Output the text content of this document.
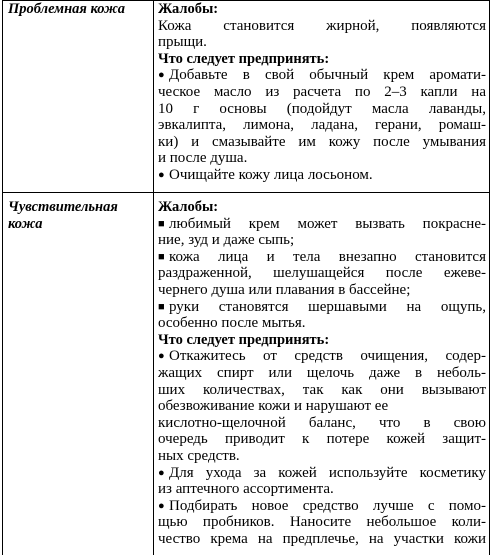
Проблемная кожа	Жалобы:
Кожа становится жирной, появляются
прыщи.
Что следует предпринять:
● Добавьте в свой обычный крем аромати-
ческое масло из расчета по 2–3 капли на
10 г основы (подойдут масла лаванды,
эвкалипта, лимона, ладана, герани, ромаш-
ки) и смазывайте им кожу после умывания
и после душа.
● Очищайте кожу лица лосьоном.
Чувствительная
кожа
Жалобы:
■ любимый крем может вызвать покрасне-
ние, зуд и даже сыпь;
■ кожа лица и тела внезапно становится
раздраженной, шелушащейся после ежеве-
чернего душа или плавания в бассейне;
■ руки становятся шершавыми на ощупь,
особенно после мытья.
Что следует предпринять:
● Откажитесь от средств очищения, содер-
жащих спирт или щелочь даже в неболь-
ших количествах, так как они вызывают
обезвоживание кожи и нарушают ее
кислотно-щелочной баланс, что в свою
очередь приводит к потере кожей защит-
ных средств.
● Для ухода за кожей используйте косметику
из аптечного ассортимента.
● Подбирать новое средство лучше с помо-
щью пробников. Наносите небольшое коли-
чество крема на предплечье, на участки кожи
